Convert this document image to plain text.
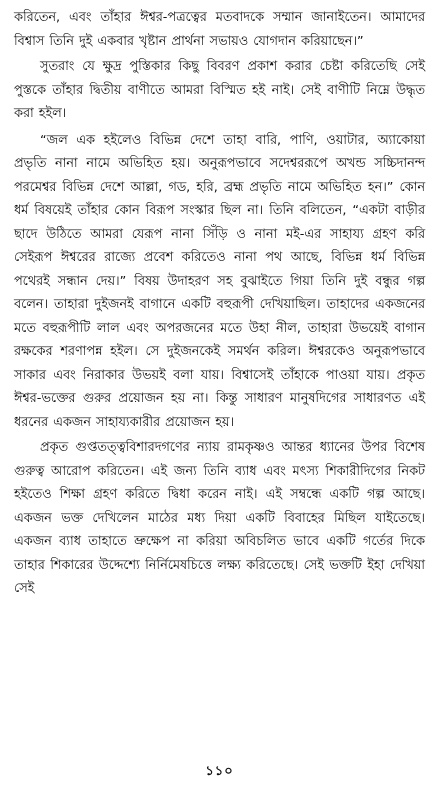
করিতেন, এবং তাঁহার ঈশ্বর-পত্রত্বের মতবাদকে সম্মান জানাইতেন। আমাদের বিশ্বাস তিনি দুই একবার খৃষ্টান প্রার্থনা সভায়ও যোগদান করিয়াছেন।”

সুতরাং যে ক্ষুদ্র পুস্তিকার কিছু বিবরণ প্রকাশ করার চেষ্টা করিতেছি সেই পুস্তকে তাঁহার দ্বিতীয় বাণীতে আমরা বিস্মিত হই নাই। সেই বাণীটি নিম্নে উদ্ধৃত করা হইল।

“জল এক হইলেও বিভিন্ন দেশে তাহা বারি, পাণি, ওয়াটার, অ্যাকোয়া প্রভৃতি নানা নামে অভিহিত হয়। অনুরূপভাবে সদেশ্বররূপে অখন্ড সচ্চিদানন্দ পরমেশ্বর বিভিন্ন দেশে আল্লা, গড, হরি, ব্রহ্ম প্রভৃতি নামে অভিহিত হন।” কোন ধর্ম বিষয়েই তাঁহার কোন বিরূপ সংস্কার ছিল না। তিনি বলিতেন, “একটা বাড়ীর ছাদে উঠিতে আমরা যেরূপ নানা সিঁড়ি ও নানা মই-এর সাহায্য গ্রহণ করি সেইরূপ ঈশ্বরের রাজ্যে প্রবেশ করিতেও নানা পথ আছে, বিভিন্ন ধর্ম বিভিন্ন পথেরই সন্ধান দেয়।” বিষয় উদাহরণ সহ বুঝাইতে গিয়া তিনি দুই বন্ধুর গল্প বলেন। তাহারা দুইজনই বাগানে একটি বহুরূপী দেখিয়াছিল। তাহাদের একজনের মতে বহুরূপীটি লাল এবং অপরজনের মতে উহা নীল, তাহারা উভয়েই বাগান রক্ষকের শরণাপন্ন হইল। সে দুইজনকেই সমর্থন করিল। ঈশ্বরকেও অনুরূপভাবে সাকার এবং নিরাকার উভয়ই বলা যায়। বিশ্বাসেই তাঁহাকে পাওয়া যায়। প্রকৃত ঈশ্বর-ভক্তের গুরুর প্রয়োজন হয় না। কিন্তু সাধারণ মানুষদিগের সাধারণত এই ধরনের একজন সাহায্যকারীর প্রয়োজন হয়।

প্রকৃত গুপ্ততত্ত্ববিশারদগণের ন্যায় রামকৃষ্ণও আন্তর ধ্যানের উপর বিশেষ গুরুত্ব আরোপ করিতেন। এই জন্য তিনি ব্যাধ এবং মৎস্য শিকারীদিগের নিকট হইতেও শিক্ষা গ্রহণ করিতে দ্বিধা করেন নাই। এই সম্বন্ধে একটি গল্প আছে। একজন ভক্ত দেখিলেন মাঠের মধ্য দিয়া একটি বিবাহের মিছিল যাইতেছে। একজন ব্যাধ তাহাতে ভ্রুক্ষেপ না করিয়া অবিচলিত ভাবে একটি গর্তের দিকে তাহার শিকারের উদ্দেশ্যে নির্নিমেষচিত্তে লক্ষ্য করিতেছে। সেই ভক্তটি ইহা দেখিয়া সেই

১১০
